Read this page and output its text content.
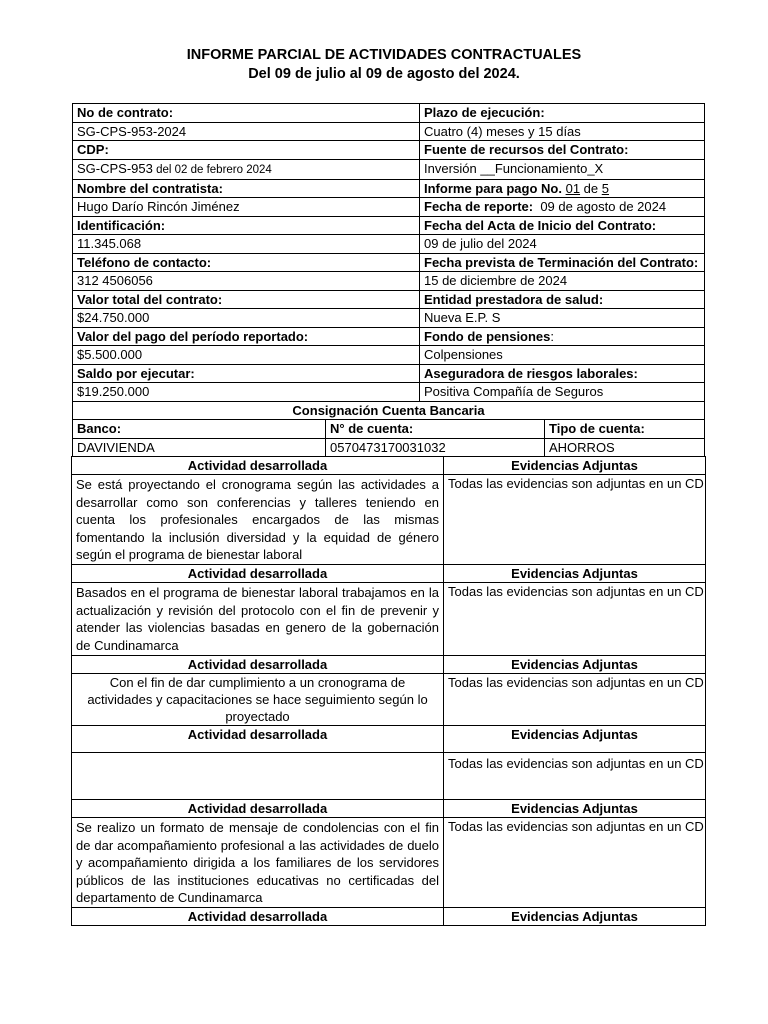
INFORME PARCIAL DE ACTIVIDADES CONTRACTUALES
Del 09 de julio al 09 de agosto del 2024.
No de contrato:		Plazo de ejecución:	
SG-CPS-953-2024		Cuatro (4) meses y 15 días	
CDP:		Fuente de recursos del Contrato:	
SG-CPS-953 del 02 de febrero 2024		Inversión __Funcionamiento_X	
Nombre del contratista:		Informe para pago No. 01 de 5	
Hugo Darío Rincón Jiménez		Fecha de reporte:  09 de agosto de 2024	
Identificación:		Fecha del Acta de Inicio del Contrato:	
11.345.068		09 de julio del 2024	
Teléfono de contacto:		Fecha prevista de Terminación del Contrato:	
312 4506056		15 de diciembre de 2024	
Valor total del contrato:		Entidad prestadora de salud:	
$24.750.000		Nueva E.P. S	
Valor del pago del período reportado:		Fondo de pensiones:	
$5.500.000		Colpensiones	
Saldo por ejecutar:		Aseguradora de riesgos laborales:	
$19.250.000		Positiva Compañía de Seguros	
Consignación Cuenta Bancaria			
Banco:	N° de cuenta:		Tipo de cuenta:
DAVIVIENDA	0570473170031032		AHORROS
Actividad desarrollada	Evidencias Adjuntas
Se está proyectando el cronograma según las actividades a desarrollar como son conferencias y talleres teniendo en cuenta los profesionales encargados de las mismas fomentando la inclusión diversidad y la equidad de género según el programa de bienestar laboral	Todas las evidencias son adjuntas en un CD
Actividad desarrollada	Evidencias Adjuntas
Basados en el programa de bienestar laboral trabajamos en la actualización y revisión del protocolo con el fin de prevenir y atender las violencias basadas en genero de la gobernación de Cundinamarca	Todas las evidencias son adjuntas en un CD
Actividad desarrollada	Evidencias Adjuntas
Con el fin de dar cumplimiento a un cronograma de actividades y capacitaciones se hace seguimiento según lo proyectado	Todas las evidencias son adjuntas en un CD
Actividad desarrollada	Evidencias Adjuntas
	Todas las evidencias son adjuntas en un CD
Actividad desarrollada	Evidencias Adjuntas
Se realizo un formato de mensaje de condolencias con el fin de dar acompañamiento profesional a las actividades de duelo y acompañamiento dirigida a los familiares de los servidores públicos de las instituciones educativas no certificadas del departamento de Cundinamarca	Todas las evidencias son adjuntas en un CD
Actividad desarrollada	Evidencias Adjuntas
